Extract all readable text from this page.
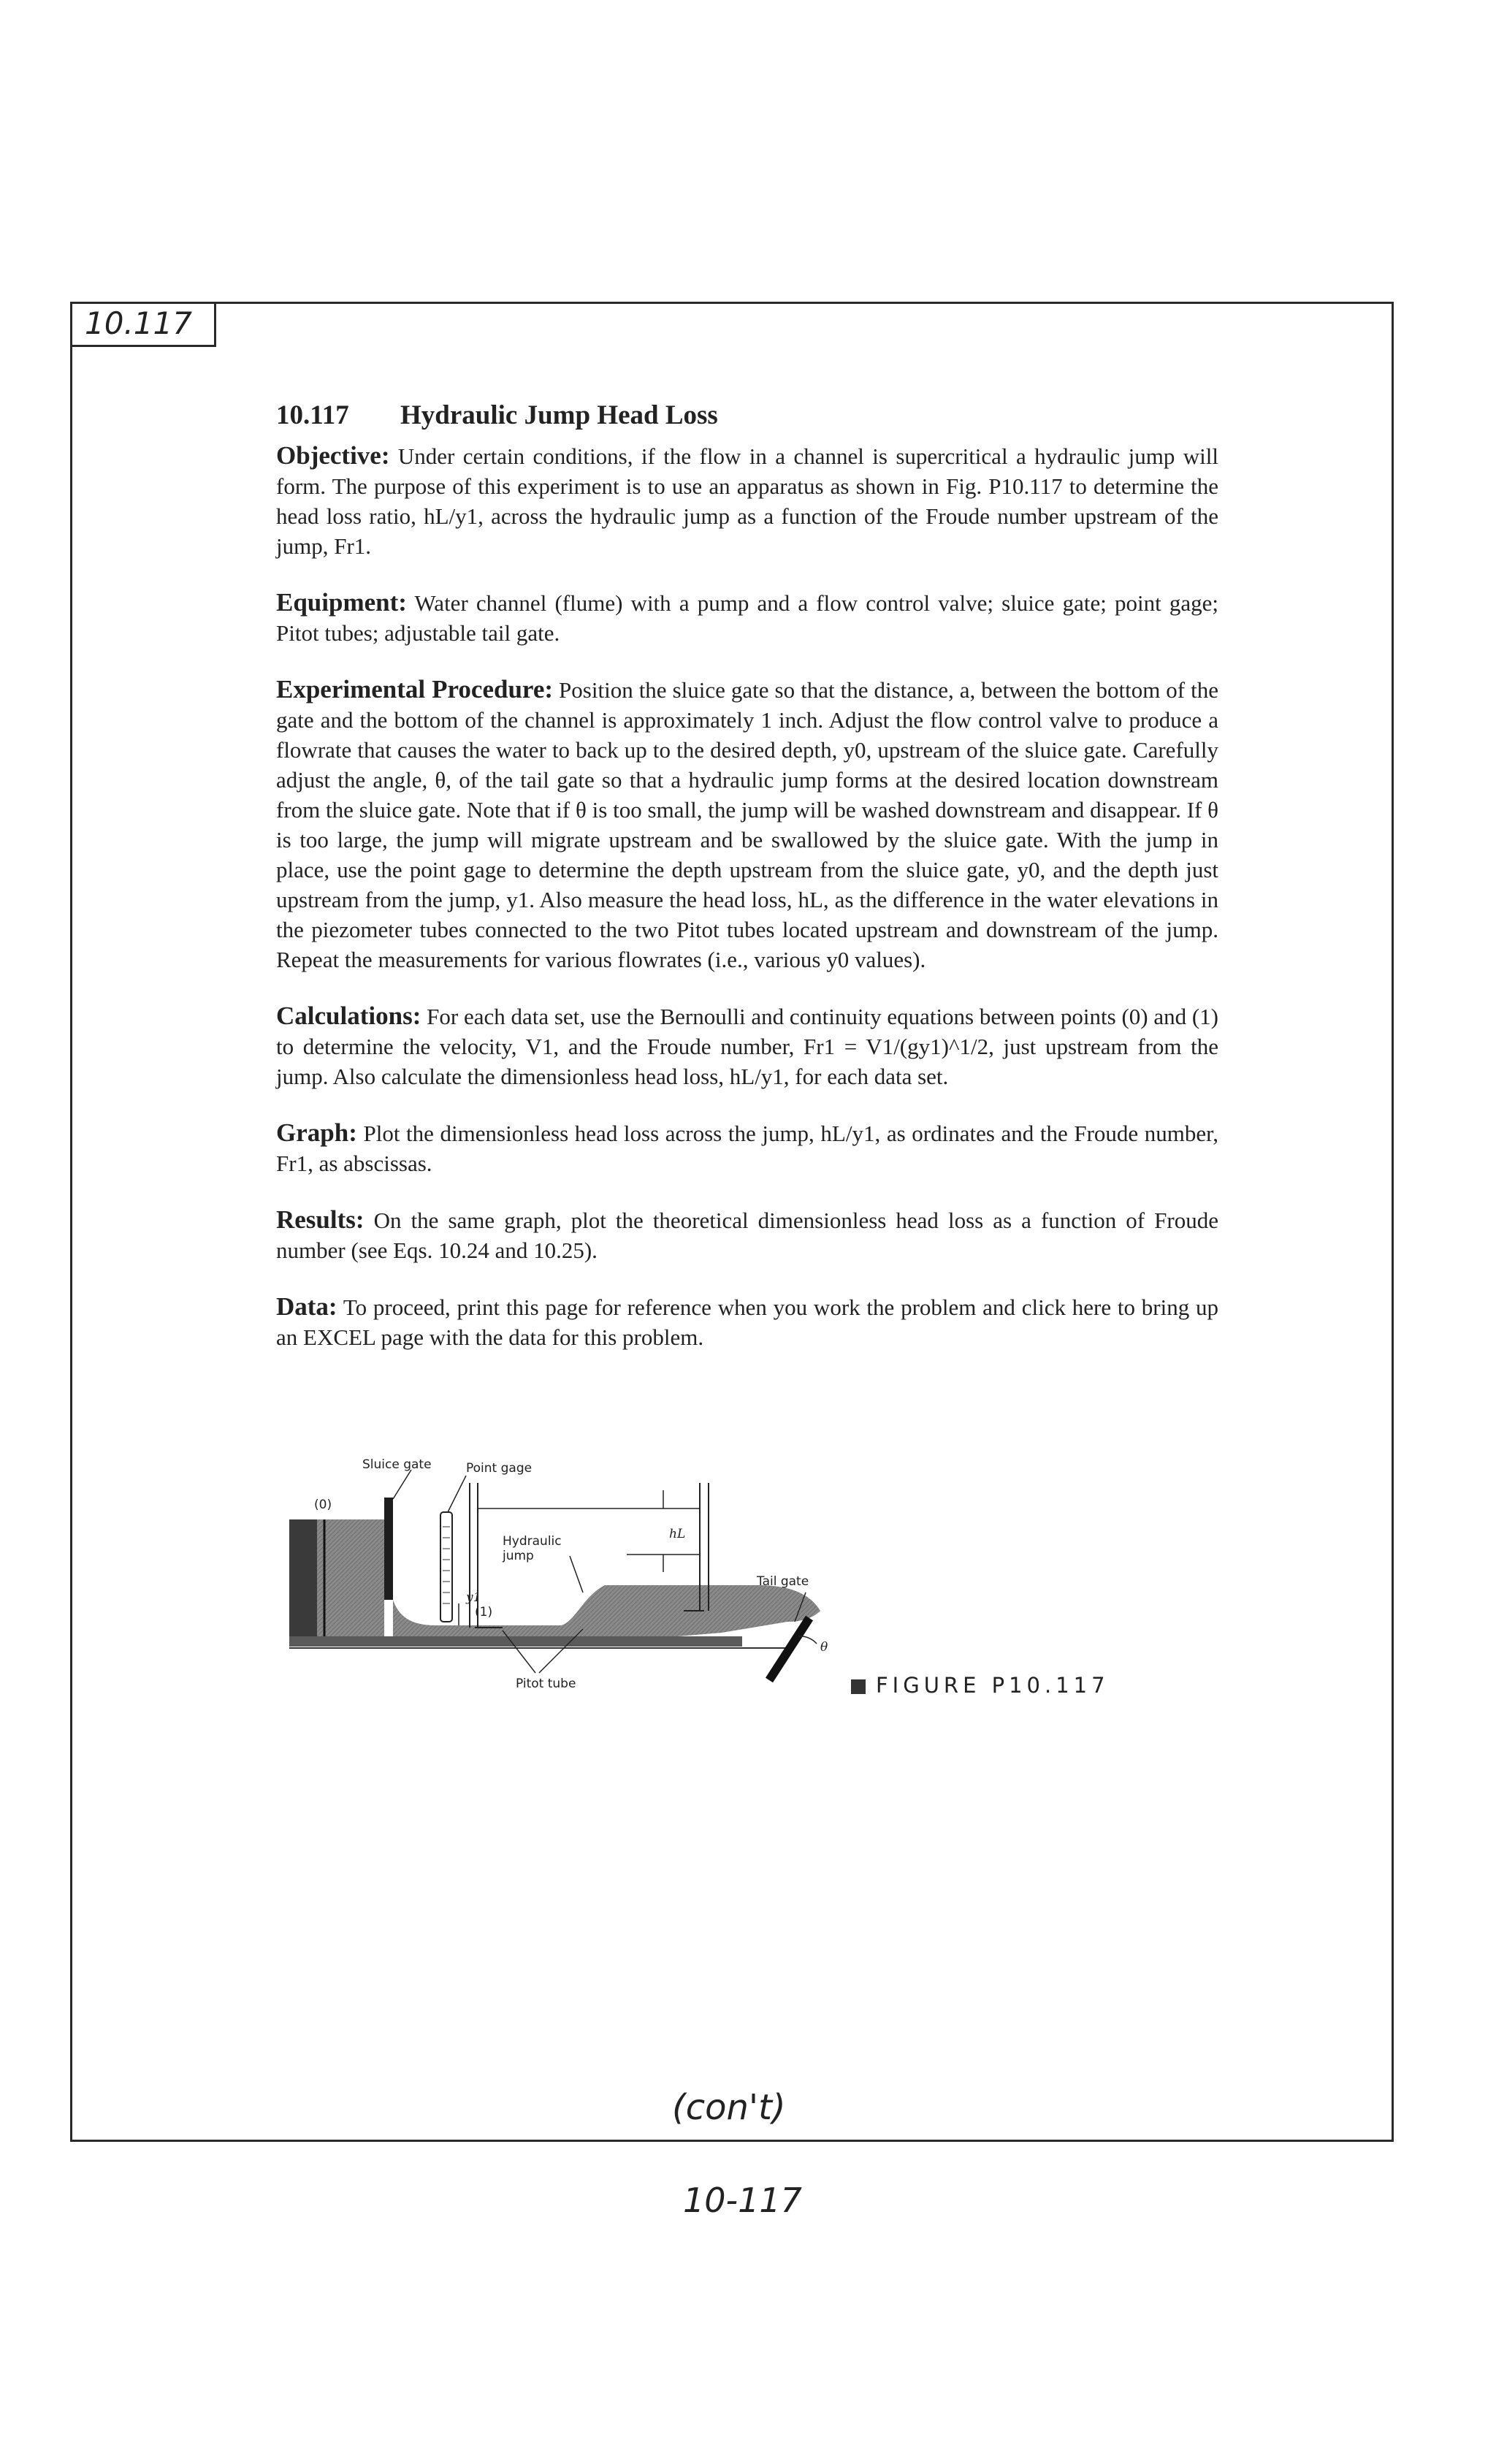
10.117
10.117 Hydraulic Jump Head Loss

Objective: Under certain conditions, if the flow in a channel is supercritical a hydraulic jump will form. The purpose of this experiment is to use an apparatus as shown in Fig. P10.117 to determine the head loss ratio, hL/y1, across the hydraulic jump as a function of the Froude number upstream of the jump, Fr1.

Equipment: Water channel (flume) with a pump and a flow control valve; sluice gate; point gage; Pitot tubes; adjustable tail gate.

Experimental Procedure: Position the sluice gate so that the distance, a, between the bottom of the gate and the bottom of the channel is approximately 1 inch. Adjust the flow control valve to produce a flowrate that causes the water to back up to the desired depth, y0, upstream of the sluice gate. Carefully adjust the angle, θ, of the tail gate so that a hydraulic jump forms at the desired location downstream from the sluice gate. Note that if θ is too small, the jump will be washed downstream and disappear. If θ is too large, the jump will migrate upstream and be swallowed by the sluice gate. With the jump in place, use the point gage to determine the depth upstream from the sluice gate, y0, and the depth just upstream from the jump, y1. Also measure the head loss, hL, as the difference in the water elevations in the piezometer tubes connected to the two Pitot tubes located upstream and downstream of the jump. Repeat the measurements for various flowrates (i.e., various y0 values).

Calculations: For each data set, use the Bernoulli and continuity equations between points (0) and (1) to determine the velocity, V1, and the Froude number, Fr1 = V1/(gy1)^1/2, just upstream from the jump. Also calculate the dimensionless head loss, hL/y1, for each data set.

Graph: Plot the dimensionless head loss across the jump, hL/y1, as ordinates and the Froude number, Fr1, as abscissas.

Results: On the same graph, plot the theoretical dimensionless head loss as a function of Froude number (see Eqs. 10.24 and 10.25).

Data: To proceed, print this page for reference when you work the problem and click here to bring up an EXCEL page with the data for this problem.

Sluice gate	Point gage
(0)
Hydraulic
jump
hL
y1
(1)
Tail gate
θ
Pitot tube	FIGURE P10.117
(con't)
10-117
